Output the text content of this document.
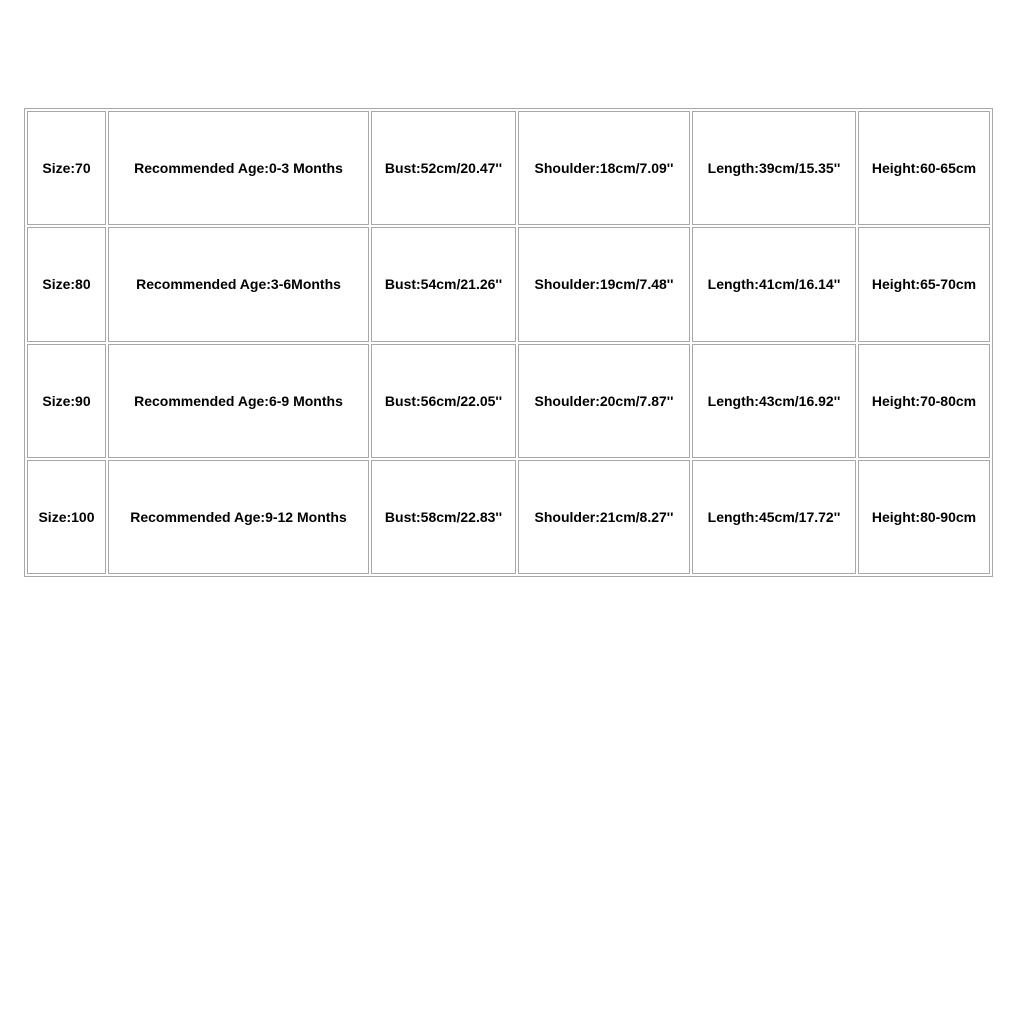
Size:70	Recommended Age:0-3 Months	Bust:52cm/20.47''	Shoulder:18cm/7.09''	Length:39cm/15.35''	Height:60-65cm
Size:80	Recommended Age:3-6Months	Bust:54cm/21.26''	Shoulder:19cm/7.48''	Length:41cm/16.14''	Height:65-70cm
Size:90	Recommended Age:6-9 Months	Bust:56cm/22.05''	Shoulder:20cm/7.87''	Length:43cm/16.92''	Height:70-80cm
Size:100	Recommended Age:9-12 Months	Bust:58cm/22.83''	Shoulder:21cm/8.27''	Length:45cm/17.72''	Height:80-90cm
